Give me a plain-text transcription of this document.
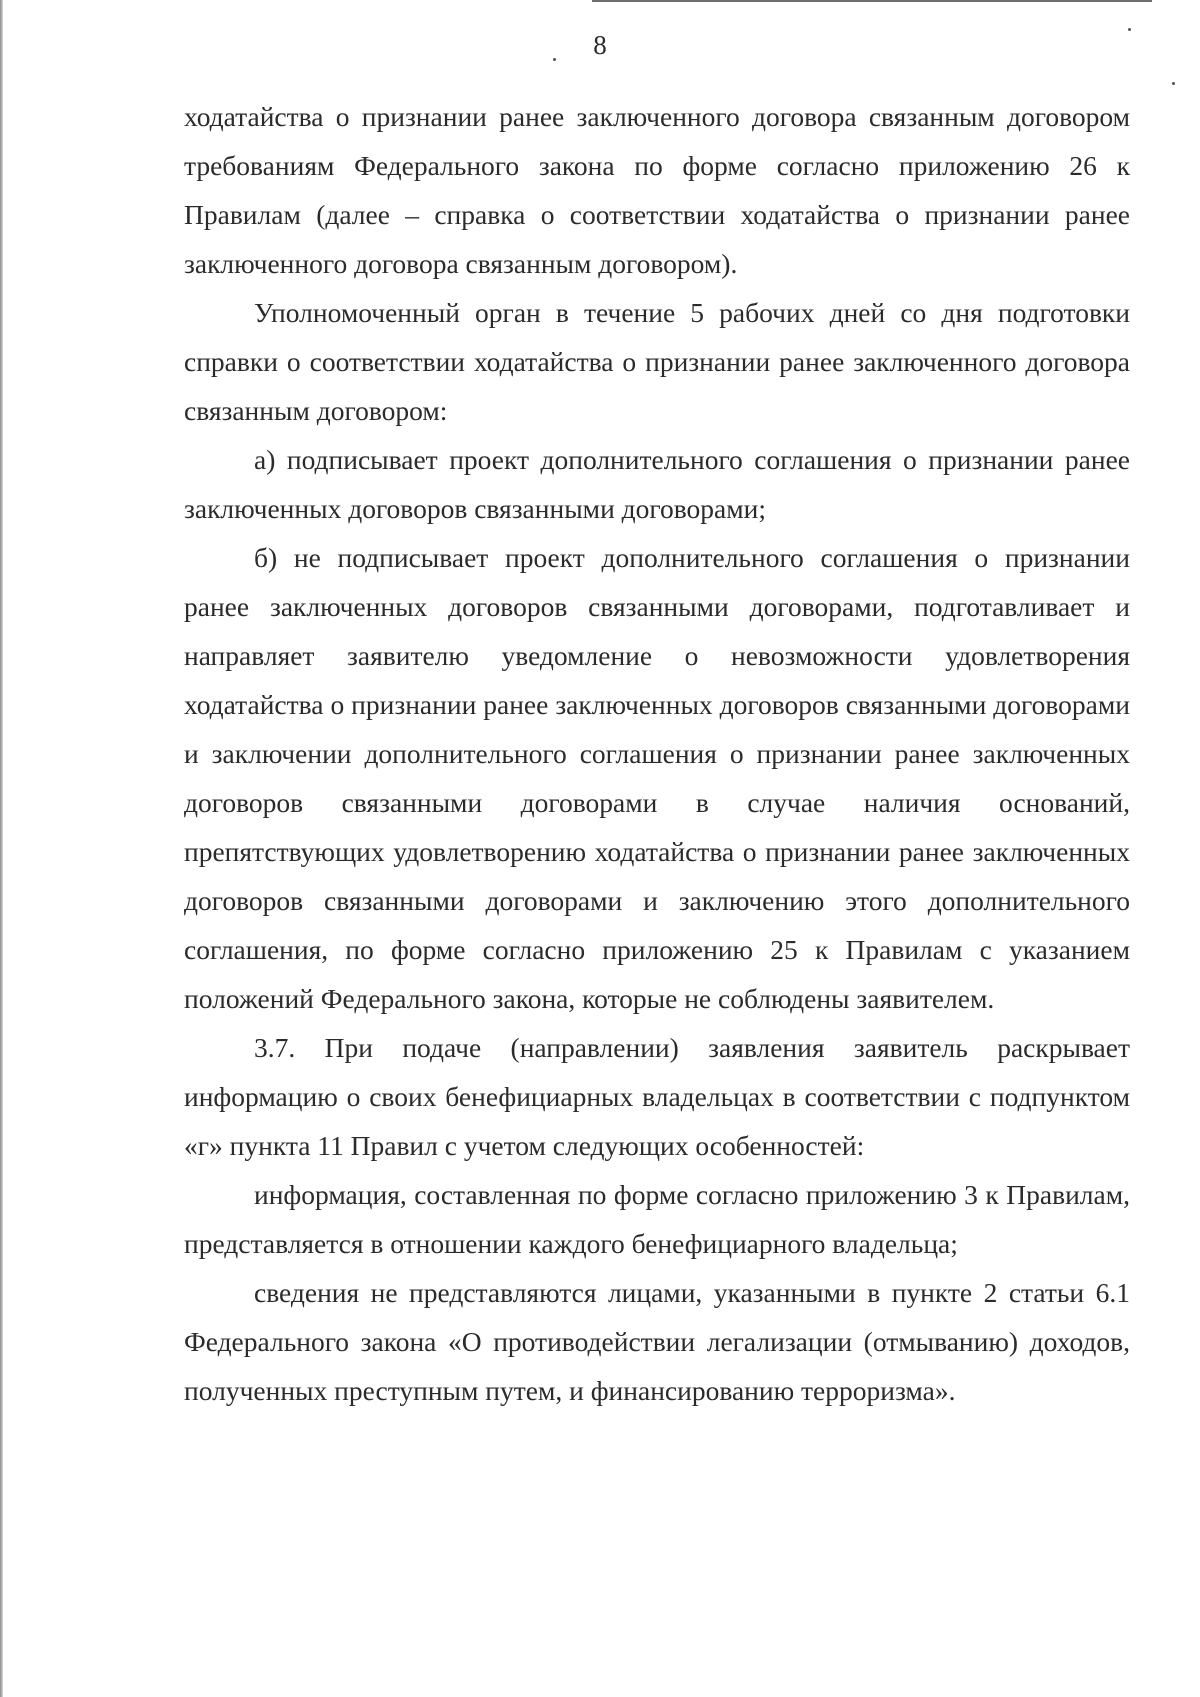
8

ходатайства о признании ранее заключенного договора связанным договором требованиям Федерального закона по форме согласно приложению 26 к Правилам (далее – справка о соответствии ходатайства о признании ранее заключенного договора связанным договором).

Уполномоченный орган в течение 5 рабочих дней со дня подготовки справки о соответствии ходатайства о признании ранее заключенного договора связанным договором:

а) подписывает проект дополнительного соглашения о признании ранее заключенных договоров связанными договорами;

б) не подписывает проект дополнительного соглашения о признании ранее заключенных договоров связанными договорами, подготавливает и направляет заявителю уведомление о невозможности удовлетворения ходатайства о признании ранее заключенных договоров связанными договорами и заключении дополнительного соглашения о признании ранее заключенных договоров связанными договорами в случае наличия оснований, препятствующих удовлетворению ходатайства о признании ранее заключенных договоров связанными договорами и заключению этого дополнительного соглашения, по форме согласно приложению 25 к Правилам с указанием положений Федерального закона, которые не соблюдены заявителем.

3.7. При подаче (направлении) заявления заявитель раскрывает информацию о своих бенефициарных владельцах в соответствии с подпунктом «г» пункта 11 Правил с учетом следующих особенностей:

информация, составленная по форме согласно приложению 3 к Правилам, представляется в отношении каждого бенефициарного владельца;

сведения не представляются лицами, указанными в пункте 2 статьи 6.1 Федерального закона «О противодействии легализации (отмыванию) доходов, полученных преступным путем, и финансированию терроризма».
